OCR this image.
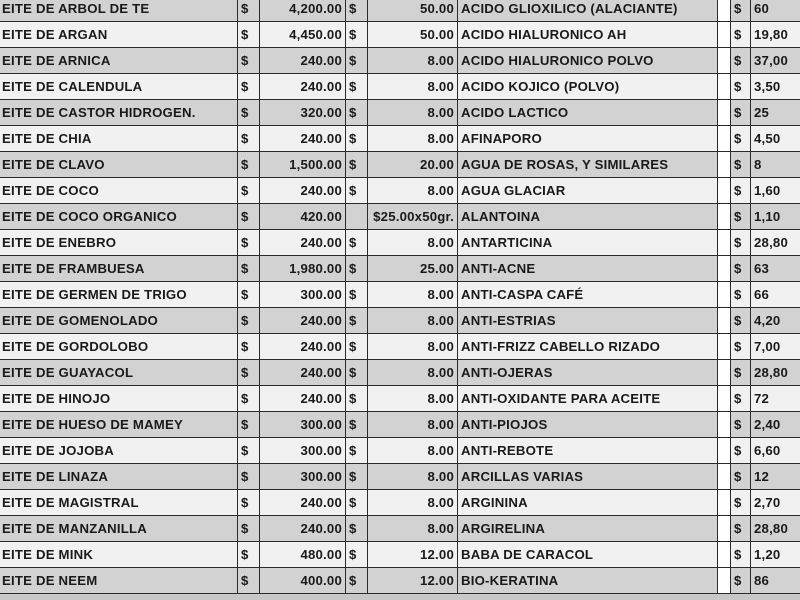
EITE DE ARBOL DE TE	$	4,200.00	$	50.00	ACIDO GLIOXILICO (ALACIANTE)		$	60
EITE DE ARGAN	$	4,450.00	$	50.00	ACIDO HIALURONICO AH		$	19,80
EITE DE ARNICA	$	240.00	$	8.00	ACIDO HIALURONICO POLVO		$	37,00
EITE DE CALENDULA	$	240.00	$	8.00	ACIDO KOJICO (POLVO)		$	3,50
EITE DE CASTOR HIDROGEN.	$	320.00	$	8.00	ACIDO LACTICO		$	25
EITE DE CHIA	$	240.00	$	8.00	AFINAPORO		$	4,50
EITE DE CLAVO	$	1,500.00	$	20.00	AGUA DE ROSAS, Y SIMILARES		$	8
EITE DE COCO	$	240.00	$	8.00	AGUA GLACIAR		$	1,60
EITE DE COCO ORGANICO	$	420.00		$25.00x50gr.	ALANTOINA		$	1,10
EITE DE ENEBRO	$	240.00	$	8.00	ANTARTICINA		$	28,80
EITE DE FRAMBUESA	$	1,980.00	$	25.00	ANTI-ACNE		$	63
EITE DE GERMEN DE TRIGO	$	300.00	$	8.00	ANTI-CASPA CAFÉ		$	66
EITE DE GOMENOLADO	$	240.00	$	8.00	ANTI-ESTRIAS		$	4,20
EITE DE GORDOLOBO	$	240.00	$	8.00	ANTI-FRIZZ CABELLO RIZADO		$	7,00
EITE DE GUAYACOL	$	240.00	$	8.00	ANTI-OJERAS		$	28,80
EITE DE HINOJO	$	240.00	$	8.00	ANTI-OXIDANTE PARA ACEITE		$	72
EITE DE HUESO DE MAMEY	$	300.00	$	8.00	ANTI-PIOJOS		$	2,40
EITE DE JOJOBA	$	300.00	$	8.00	ANTI-REBOTE		$	6,60
EITE DE LINAZA	$	300.00	$	8.00	ARCILLAS VARIAS		$	12
EITE DE MAGISTRAL	$	240.00	$	8.00	ARGININA		$	2,70
EITE DE MANZANILLA	$	240.00	$	8.00	ARGIRELINA		$	28,80
EITE DE MINK	$	480.00	$	12.00	BABA DE CARACOL		$	1,20
EITE DE NEEM	$	400.00	$	12.00	BIO-KERATINA		$	86
